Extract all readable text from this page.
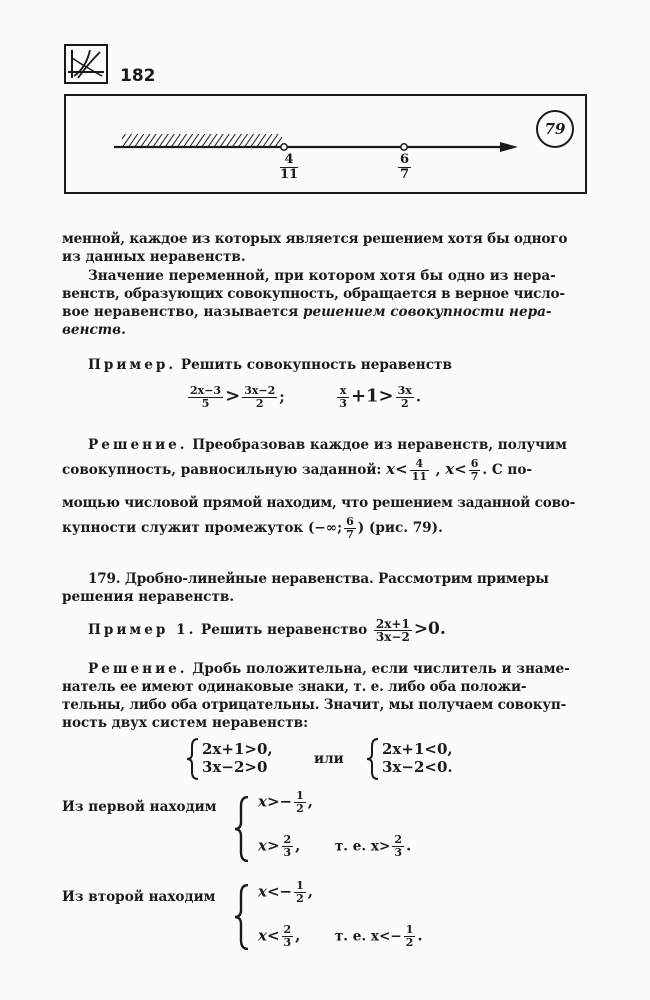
182
4
11
6
7
79
менной, каждое из которых является решением хотя бы одного
из данных неравенств.
Значение переменной, при котором хотя бы одно из нера-
венств, образующих совокупность, обращается в верное число-
вое неравенство, называется решением совокупности нера-
венств.
Пример. Решить совокупность неравенств
$\frac{2x-3}{5} > \frac{3x-2}{2}$ ;	$\frac{x}{3} +1> \frac{3x}{2}$ .
Решение. Преобразовав каждое из неравенств, получим
совокупность, равносильную заданной: $x< \frac{4}{11}$ , $x< \frac{6}{7}$ . С по-
мощью числовой прямой находим, что решением заданной сово-
купности служит промежуток (−∞; $\frac{6}{7}$ ) (рис. 79).
179. Дробно-линейные неравенства. Рассмотрим примеры
решения неравенств.
Пример 1. Решить неравенство $\frac{2x+1}{3x-2} >0$.
Решение. Дробь положительна, если числитель и знаме-
натель ее имеют одинаковые знаки, т. е. либо оба положи-
тельны, либо оба отрицательны. Значит, мы получаем совокуп-
ность двух систем неравенств:
2x+1>0,
3x−2>0	или
2x+1<0,
3x−2<0.
Из первой находим	$x>- \frac{1}{2}$ ,
$x> \frac{2}{3}$ ,	т. е. $x> \frac{2}{3}$ .
Из второй находим	$x<- \frac{1}{2}$ ,
$x< \frac{2}{3}$ ,	т. е. $x<- \frac{1}{2}$ .
